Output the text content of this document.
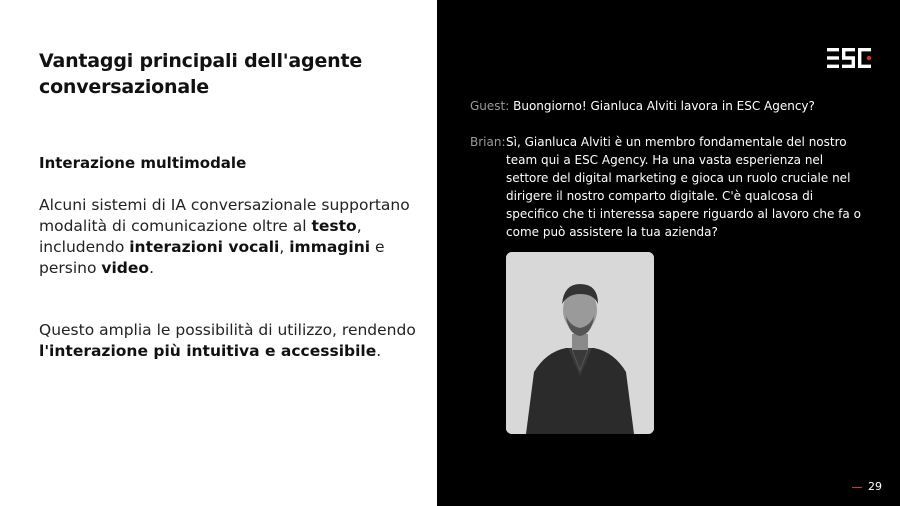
Vantaggi principali dell'agente conversazionale
Interazione multimodale
Alcuni sistemi di IA conversazionale supportano modalità di comunicazione oltre al testo, includendo interazioni vocali, immagini e persino video.
Questo amplia le possibilità di utilizzo, rendendo l'interazione più intuitiva e accessibile.
Guest: Buongiorno! Gianluca Alviti lavora in ESC Agency?
Brian: Sì, Gianluca Alviti è un membro fondamentale del nostro team qui a ESC Agency. Ha una vasta esperienza nel settore del digital marketing e gioca un ruolo cruciale nel dirigere il nostro comparto digitale. C'è qualcosa di specifico che ti interessa sapere riguardo al lavoro che fa o come può assistere la tua azienda?
29
